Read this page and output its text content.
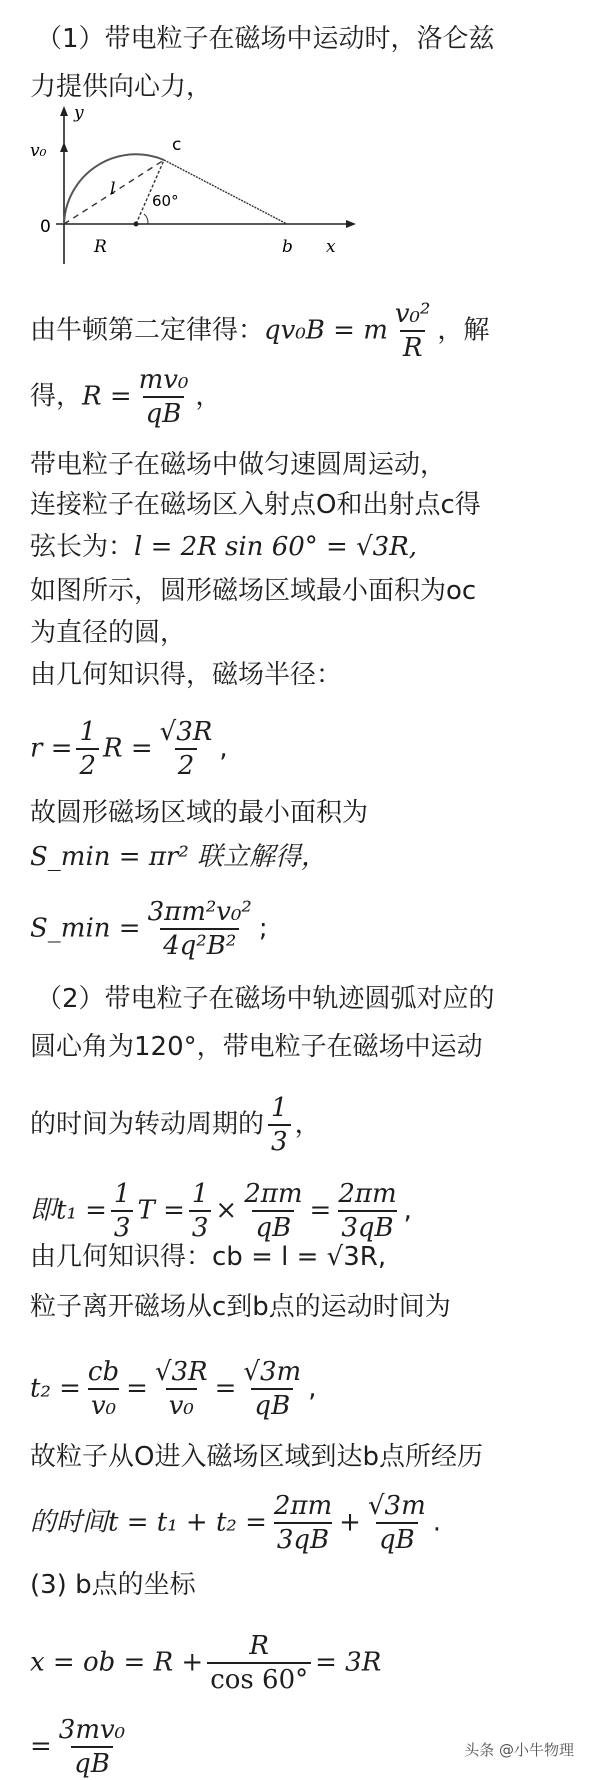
（1）带电粒子在磁场中运动时，洛仑兹
力提供向心力，
y
v₀
0
c
l
60°
R	b x
由牛顿第二定律得：qv₀B = m $\frac{\text{v₀²}}{R}$ ，解
得，$R = \frac{\text{mv₀}}{qB}$ ，
带电粒子在磁场中做匀速圆周运动，
连接粒子在磁场区入射点O和出射点c得
弦长为：l = 2R sin 60° = √3R,
如图所示，圆形磁场区域最小面积为oc
为直径的圆，
由几何知识得，磁场半径：
$r = \frac{1}{2}$ $R = \frac{√3R}{2}$ ,
故圆形磁场区域的最小面积为
S_min = πr² 联立解得，
S_min = $\frac{\text{3πm²v₀²}}{\text{4q²B²}}$ ;
（2）带电粒子在磁场中轨迹圆弧对应的
圆心角为120°，带电粒子在磁场中运动
的时间为转动周期的 $\frac{1}{3}$ ，
即$t_1 = \frac{1}{3}$ $T = \frac{1}{3} \times \frac{2\pi m}{qB} = \frac{2\pi m}{3qB}$ ,
由几何知识得：cb = l = √3R,
粒子离开磁场从c到b点的运动时间为
$t_2 = \frac{cb}{\text{v₀}} = \frac{√3R}{\text{v₀}} = \frac{√3m}{qB}$ ,
故粒子从O进入磁场区域到达b点所经历
的时间$t = t_1 + t_2 = \frac{2\pi m}{3qB} + \frac{√3m}{qB}$ .
(3) b点的坐标
x = ob = $R + \frac{R}{\cos 60^\circ} = 3R$
= $\frac{\text{3mv₀}}{qB}$	头条 @小牛物理
